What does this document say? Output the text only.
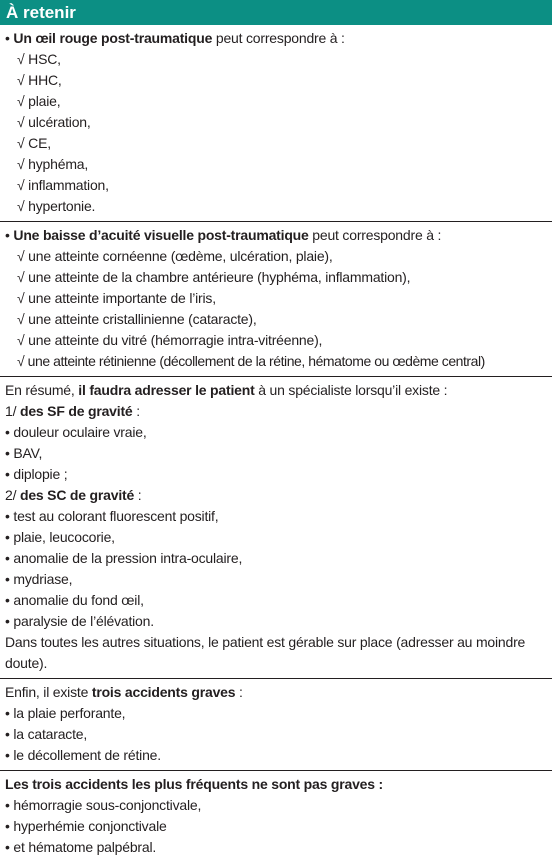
À retenir
• Un œil rouge post-traumatique peut correspondre à :
√ HSC,
√ HHC,
√ plaie,
√ ulcération,
√ CE,
√ hyphéma,
√ inflammation,
√ hypertonie.
• Une baisse d’acuité visuelle post-traumatique peut correspondre à :
√ une atteinte cornéenne (œdème, ulcération, plaie),
√ une atteinte de la chambre antérieure (hyphéma, inflammation),
√ une atteinte importante de l’iris,
√ une atteinte cristallinienne (cataracte),
√ une atteinte du vitré (hémorragie intra-vitréenne),
√ une atteinte rétinienne (décollement de la rétine, hématome ou œdème central)
En résumé, il faudra adresser le patient à un spécialiste lorsqu’il existe :
1/ des SF de gravité :
• douleur oculaire vraie,
• BAV,
• diplopie ;
2/ des SC de gravité :
• test au colorant fluorescent positif,
• plaie, leucocorie,
• anomalie de la pression intra-oculaire,
• mydriase,
• anomalie du fond œil,
• paralysie de l’élévation.
Dans toutes les autres situations, le patient est gérable sur place (adresser au moindre doute).
Enfin, il existe trois accidents graves :
• la plaie perforante,
• la cataracte,
• le décollement de rétine.
Les trois accidents les plus fréquents ne sont pas graves :
• hémorragie sous-conjonctivale,
• hyperhémie conjonctivale
• et hématome palpébral.
